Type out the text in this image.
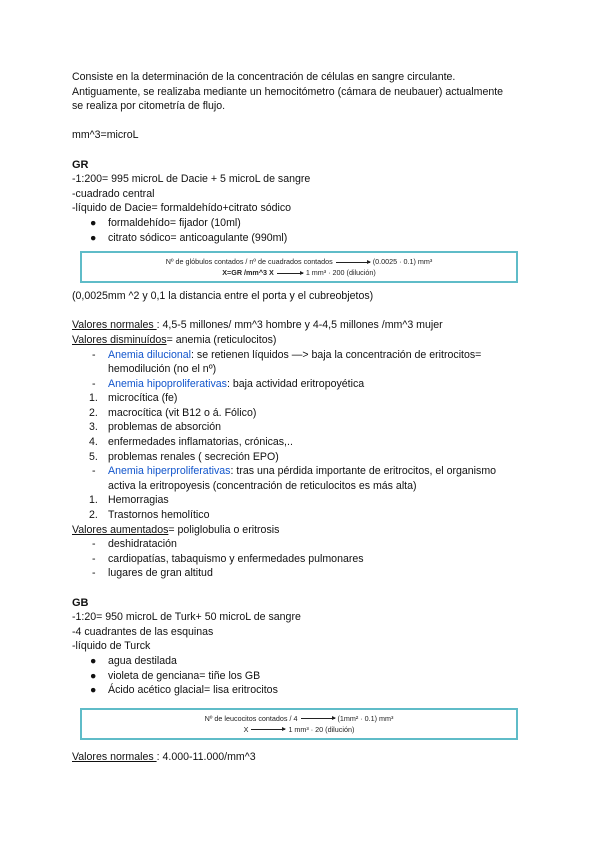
Consiste en la determinación de la concentración de células en sangre circulante.

Antiguamente, se realizaba mediante un hemocitómetro (cámara de neubauer) actualmente

se realiza por citometría de flujo.

mm^3=microL

GR

-1:200= 995 microL de Dacie + 5 microL de sangre

-cuadrado central

-líquido de Dacie= formaldehído+citrato sódico

● formaldehído= fijador (10ml)
● citrato sódico= anticoagulante (990ml)
Nº de glóbulos contados / nº de cuadrados contados	(0.0025 · 0.1) mm³
X=GR /mm^3 X	1 mm³ · 200 (dilución)

(0,0025mm ^2 y 0,1 la distancia entre el porta y el cubreobjetos)

Valores normales : 4,5-5 millones/ mm^3 hombre y 4-4,5 millones /mm^3 mujer

Valores disminuídos= anemia (reticulocitos)

- Anemia dilucional: se retienen líquidos —> baja la concentración de eritrocitos=
hemodilución (no el nº)
- Anemia hipoproliferativas: baja actividad eritropoyética
1. microcítica (fe)
2. macrocítica (vit B12 o á. Fólico)
3. problemas de absorción
4. enfermedades inflamatorias, crónicas,..
5. problemas renales ( secreción EPO)
- Anemia hiperproliferativas: tras una pérdida importante de eritrocitos, el organismo
activa la eritropoyesis (concentración de reticulocitos es más alta)
1. Hemorragias
2. Trastornos hemolítico

Valores aumentados= poliglobulia o eritrosis

- deshidratación
- cardiopatías, tabaquismo y enfermedades pulmonares
- lugares de gran altitud

GB

-1:20= 950 microL de Turk+ 50 microL de sangre

-4 cuadrantes de las esquinas

-líquido de Turck

● agua destilada
● violeta de genciana= tiñe los GB
● Ácido acético glacial= lisa eritrocitos
Nº de leucocitos contados / 4	(1mm² · 0.1) mm³
X	1 mm³ · 20 (dilución)

Valores normales : 4.000-11.000/mm^3
